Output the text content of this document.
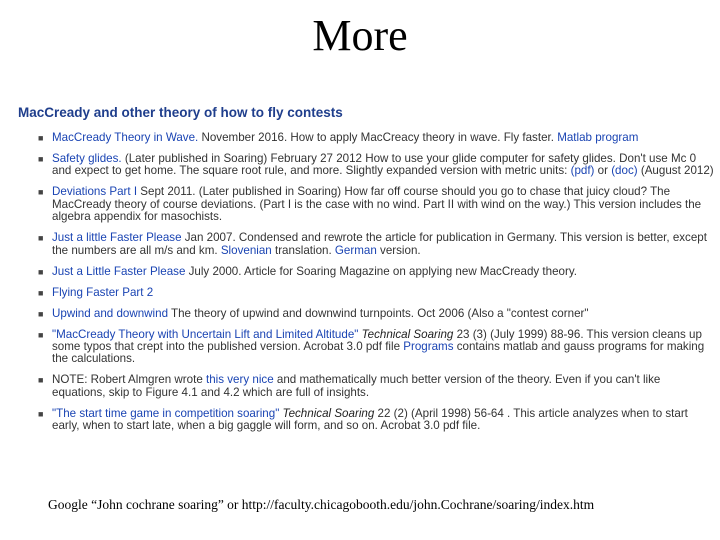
More
MacCready and other theory of how to fly contests
■ MacCready Theory in Wave. November 2016. How to apply MacCreacy theory in wave. Fly faster. Matlab program
■ Safety glides. (Later published in Soaring) February 27 2012 How to use your glide computer for safety glides. Don't use Mc 0 and expect to get home. The square root rule, and more. Slightly expanded version with metric units: (pdf) or (doc) (August 2012)
■ Deviations Part I Sept 2011. (Later published in Soaring) How far off course should you go to chase that juicy cloud? The MacCready theory of course deviations. (Part I is the case with no wind. Part II with wind on the way.) This version includes the algebra appendix for masochists.
■ Just a little Faster Please Jan 2007. Condensed and rewrote the article for publication in Germany. This version is better, except the numbers are all m/s and km. Slovenian translation. German version.
■ Just a Little Faster Please July 2000. Article for Soaring Magazine on applying new MacCready theory.
■ Flying Faster Part 2
■ Upwind and downwind The theory of upwind and downwind turnpoints. Oct 2006 (Also a "contest corner"
■ "MacCready Theory with Uncertain Lift and Limited Altitude" Technical Soaring 23 (3) (July 1999) 88-96. This version cleans up some typos that crept into the published version. Acrobat 3.0 pdf file Programs contains matlab and gauss programs for making the calculations.
■ NOTE: Robert Almgren wrote this very nice and mathematically much better version of the theory. Even if you can't like equations, skip to Figure 4.1 and 4.2 which are full of insights.
■ "The start time game in competition soaring" Technical Soaring 22 (2) (April 1998) 56-64 . This article analyzes when to start early, when to start late, when a big gaggle will form, and so on. Acrobat 3.0 pdf file.
Google “John cochrane soaring” or http://faculty.chicagobooth.edu/john.Cochrane/soaring/index.htm
